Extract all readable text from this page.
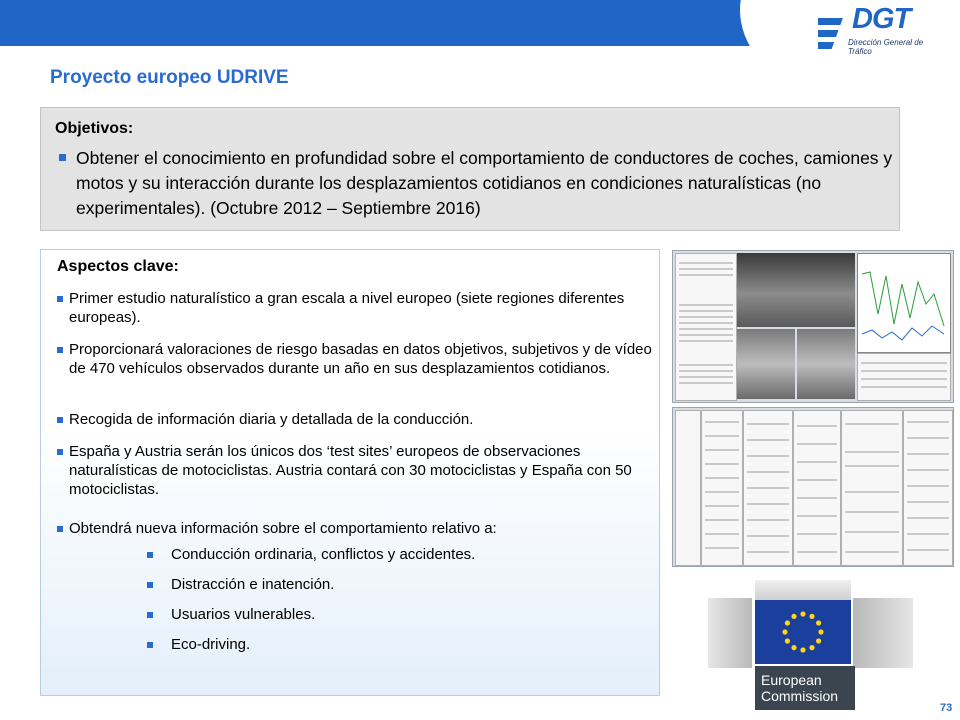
DGT
Dirección General de Tráfico
Proyecto europeo UDRIVE
Objetivos:
Obtener el conocimiento en profundidad sobre el comportamiento de conductores de coches, camiones y motos y su interacción durante los desplazamientos cotidianos en condiciones naturalísticas (no experimentales). (Octubre 2012 – Septiembre 2016)
Aspectos clave:
Primer estudio naturalístico a gran escala a nivel europeo (siete regiones diferentes europeas).
Proporcionará valoraciones de riesgo basadas en datos objetivos, subjetivos y de vídeo de 470 vehículos observados durante un año en sus desplazamientos cotidianos.
Recogida de información diaria y detallada de la conducción.
España y Austria serán los únicos dos ‘test sites’ europeos de observaciones naturalísticas de motociclistas. Austria contará con 30 motociclistas y España con 50 motociclistas.
Obtendrá nueva información sobre el comportamiento relativo a:
Conducción ordinaria, conflictos y accidentes.
Distracción e inatención.
Usuarios vulnerables.
Eco-driving.
European
Commission
73
